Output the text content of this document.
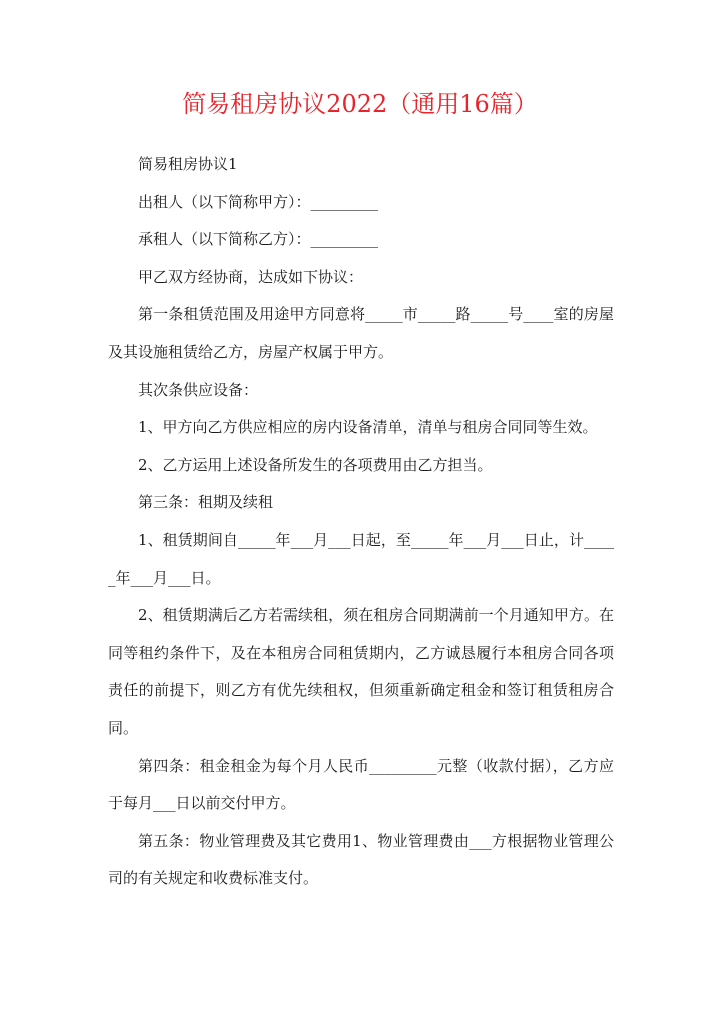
简易租房协议2022（通用16篇）

简易租房协议1

出租人（以下简称甲方）：_________

承租人（以下简称乙方）：_________

甲乙双方经协商，达成如下协议：

第一条租赁范围及用途甲方同意将_____市_____路_____号____室的房屋及其设施租赁给乙方，房屋产权属于甲方。

其次条供应设备：

1、甲方向乙方供应相应的房内设备清单，清单与租房合同同等生效。

2、乙方运用上述设备所发生的各项费用由乙方担当。

第三条：租期及续租

1、租赁期间自_____年___月___日起，至_____年___月___日止，计_____年___月___日。

2、租赁期满后乙方若需续租，须在租房合同期满前一个月通知甲方。在同等租约条件下，及在本租房合同租赁期内，乙方诚恳履行本租房合同各项责任的前提下，则乙方有优先续租权，但须重新确定租金和签订租赁租房合同。

第四条：租金租金为每个月人民币_________元整（收款付据），乙方应于每月___日以前交付甲方。

第五条：物业管理费及其它费用1、物业管理费由___方根据物业管理公司的有关规定和收费标准支付。
